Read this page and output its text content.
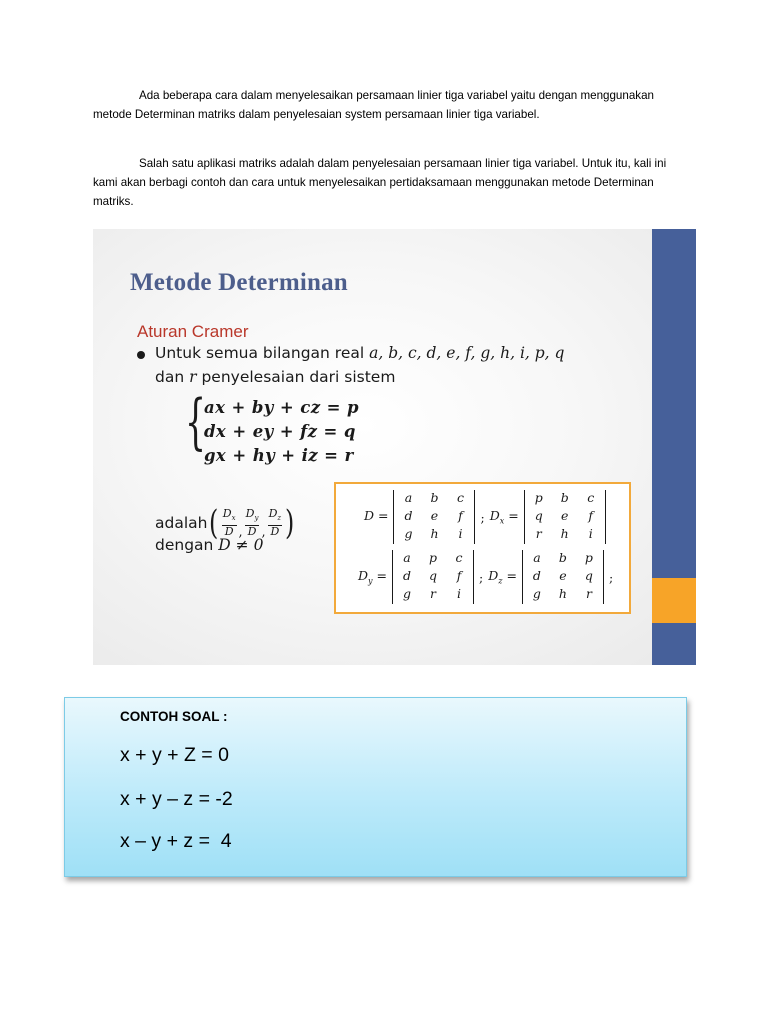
Ada beberapa cara dalam menyelesaikan persamaan linier tiga variabel yaitu dengan menggunakan metode Determinan matriks dalam penyelesaian system persamaan linier tiga variabel.

Salah satu aplikasi matriks adalah dalam penyelesaian persamaan linier tiga variabel. Untuk itu, kali ini kami akan berbagi contoh dan cara untuk menyelesaikan pertidaksamaan menggunakan metode Determinan matriks.

Metode Determinan
Aturan Cramer
Untuk semua bilangan real a, b, c, d, e, f, g, h, i, p, q
dan r penyelesaian dari sistem
{
ax + by + cz = p
dx + ey + fz = q
gx + hy + iz = r
adalah ( $\frac{D_x}{D}$ , $\frac{D_y}{D}$ , $\frac{D_z}{D}$ )
dengan D ≠ 0
D =
a	b	c
d	e	f
g	h	i
; $D_x$ =
p	b	c
q	e	f
r	h	i
$D_y$ =
a	p	c
d	q	f
g	r	i
; $D_z$ =
a	b	p
d	e	q
g	h	r
;
CONTOH SOAL :
x + y + Z = 0
x + y – z = -2
x – y + z =  4
